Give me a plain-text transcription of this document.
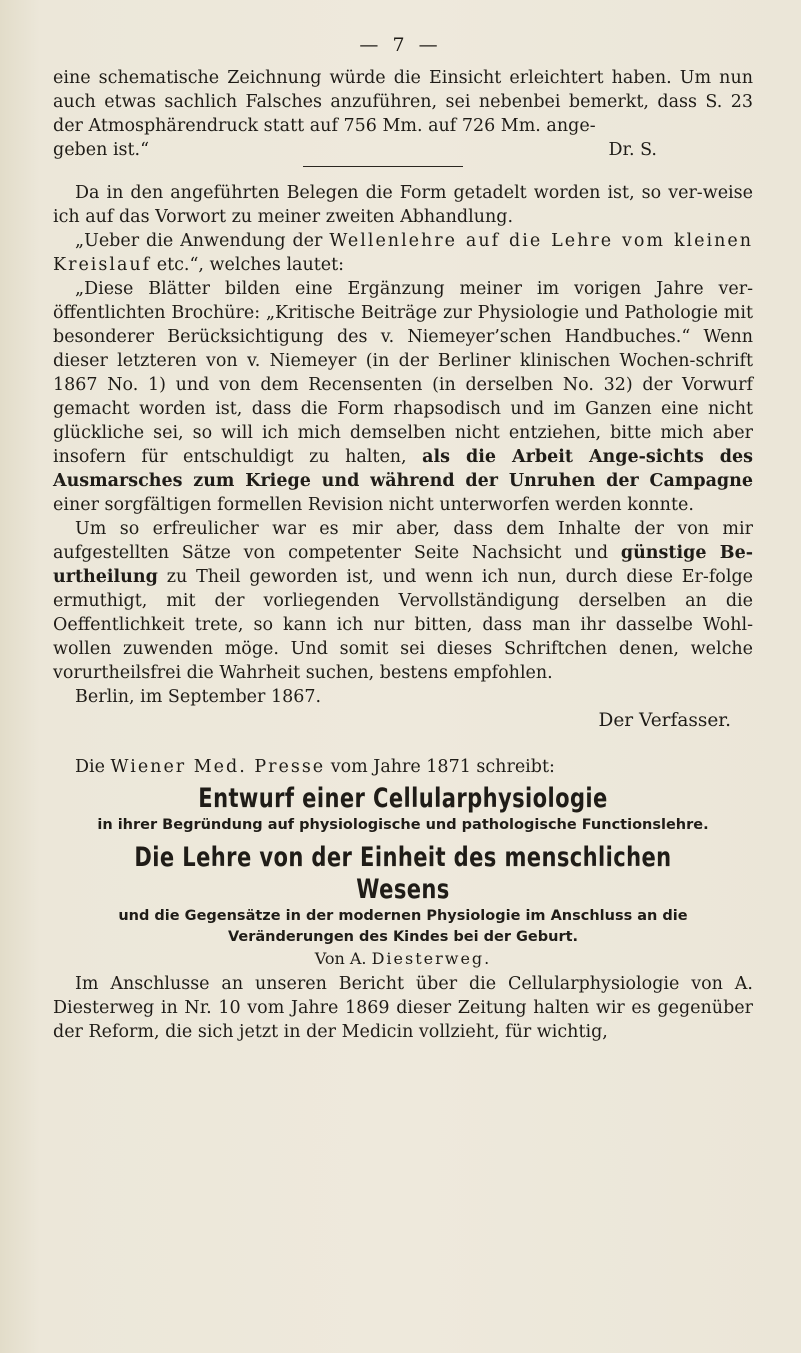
— 7 —

eine schematische Zeichnung würde die Einsicht erleichtert haben. Um nun auch etwas sachlich Falsches anzuführen, sei nebenbei bemerkt, dass S. 23 der Atmosphärendruck statt auf 756 Mm. auf 726 Mm. ange-

geben ist.“	Dr. S.

Da in den angeführten Belegen die Form getadelt worden ist, so ver-weise ich auf das Vorwort zu meiner zweiten Abhandlung.

„Ueber die Anwendung der Wellenlehre auf die Lehre vom kleinen Kreislauf etc.“, welches lautet:

„Diese Blätter bilden eine Ergänzung meiner im vorigen Jahre ver-öffentlichten Brochüre: „Kritische Beiträge zur Physiologie und Pathologie mit besonderer Berücksichtigung des v. Niemeyer’schen Handbuches.“ Wenn dieser letzteren von v. Niemeyer (in der Berliner klinischen Wochen-schrift 1867 No. 1) und von dem Recensenten (in derselben No. 32) der Vorwurf gemacht worden ist, dass die Form rhapsodisch und im Ganzen eine nicht glückliche sei, so will ich mich demselben nicht entziehen, bitte mich aber insofern für entschuldigt zu halten, als die Arbeit Ange-sichts des Ausmarsches zum Kriege und während der Unruhen der Campagne einer sorgfältigen formellen Revision nicht unterworfen werden konnte.

Um so erfreulicher war es mir aber, dass dem Inhalte der von mir aufgestellten Sätze von competenter Seite Nachsicht und günstige Be-urtheilung zu Theil geworden ist, und wenn ich nun, durch diese Er-folge ermuthigt, mit der vorliegenden Vervollständigung derselben an die Oeffentlichkeit trete, so kann ich nur bitten, dass man ihr dasselbe Wohl-wollen zuwenden möge. Und somit sei dieses Schriftchen denen, welche vorurtheilsfrei die Wahrheit suchen, bestens empfohlen.

Berlin, im September 1867.

Der Verfasser.

Die Wiener Med. Presse vom Jahre 1871 schreibt:

Entwurf einer Cellularphysiologie

in ihrer Begründung auf physiologische und pathologische Functionslehre.

Die Lehre von der Einheit des menschlichen Wesens

und die Gegensätze in der modernen Physiologie im Anschluss an die Veränderungen des Kindes bei der Geburt.

Von A. Diesterweg.

Im Anschlusse an unseren Bericht über die Cellularphysiologie von A. Diesterweg in Nr. 10 vom Jahre 1869 dieser Zeitung halten wir es gegenüber der Reform, die sich jetzt in der Medicin vollzieht, für wichtig,
